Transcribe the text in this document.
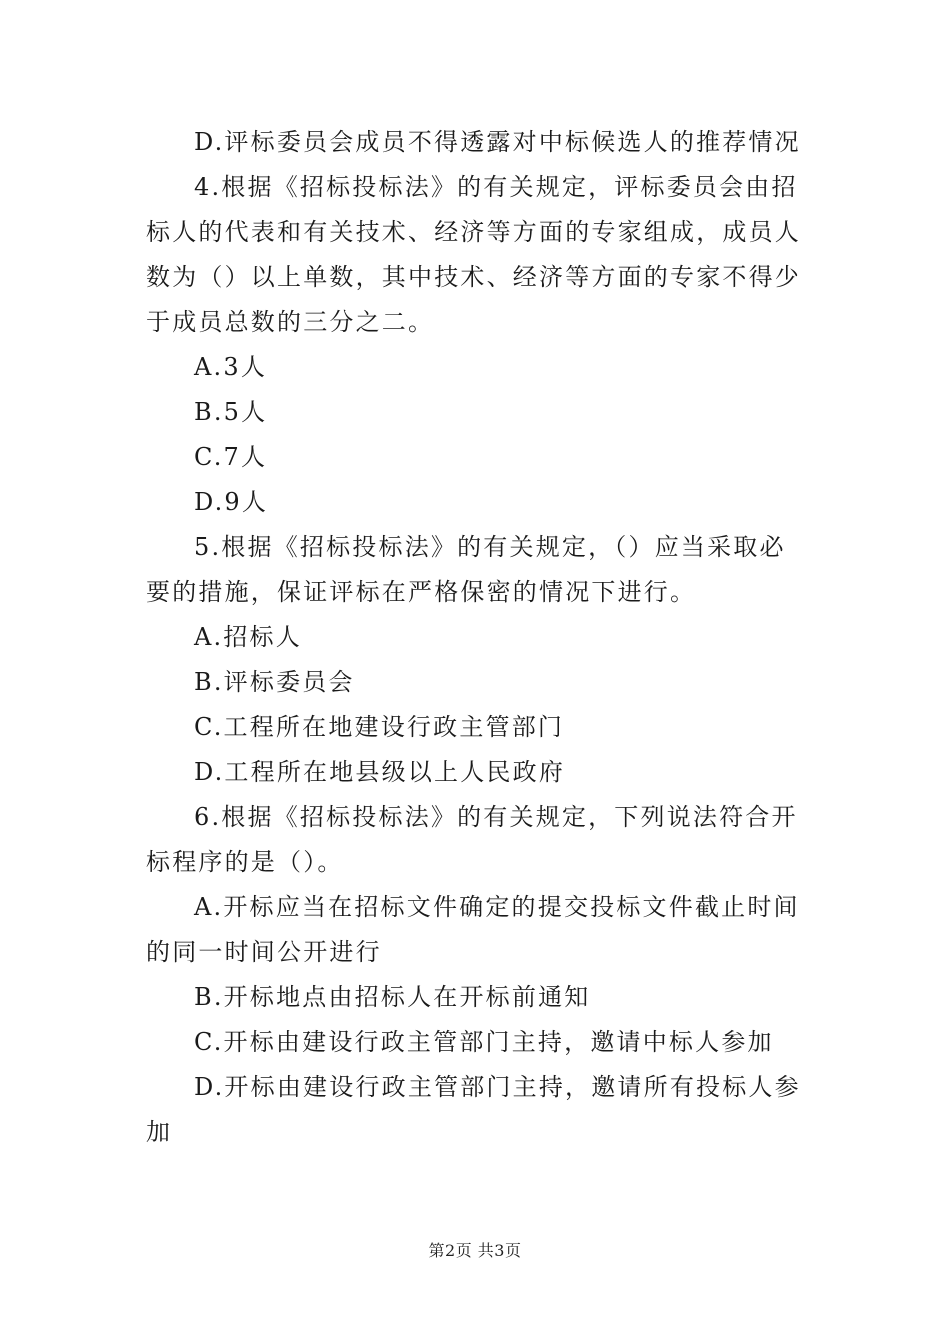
D.评标委员会成员不得透露对中标候选人的推荐情况
4.根据《招标投标法》的有关规定，评标委员会由招
标人的代表和有关技术、经济等方面的专家组成，成员人
数为（）以上单数，其中技术、经济等方面的专家不得少
于成员总数的三分之二。
A.3人
B.5人
C.7人
D.9人
5.根据《招标投标法》的有关规定，（）应当采取必
要的措施，保证评标在严格保密的情况下进行。
A.招标人
B.评标委员会
C.工程所在地建设行政主管部门
D.工程所在地县级以上人民政府
6.根据《招标投标法》的有关规定，下列说法符合开
标程序的是（）。
A.开标应当在招标文件确定的提交投标文件截止时间
的同一时间公开进行
B.开标地点由招标人在开标前通知
C.开标由建设行政主管部门主持，邀请中标人参加
D.开标由建设行政主管部门主持，邀请所有投标人参
加
第2页 共3页
